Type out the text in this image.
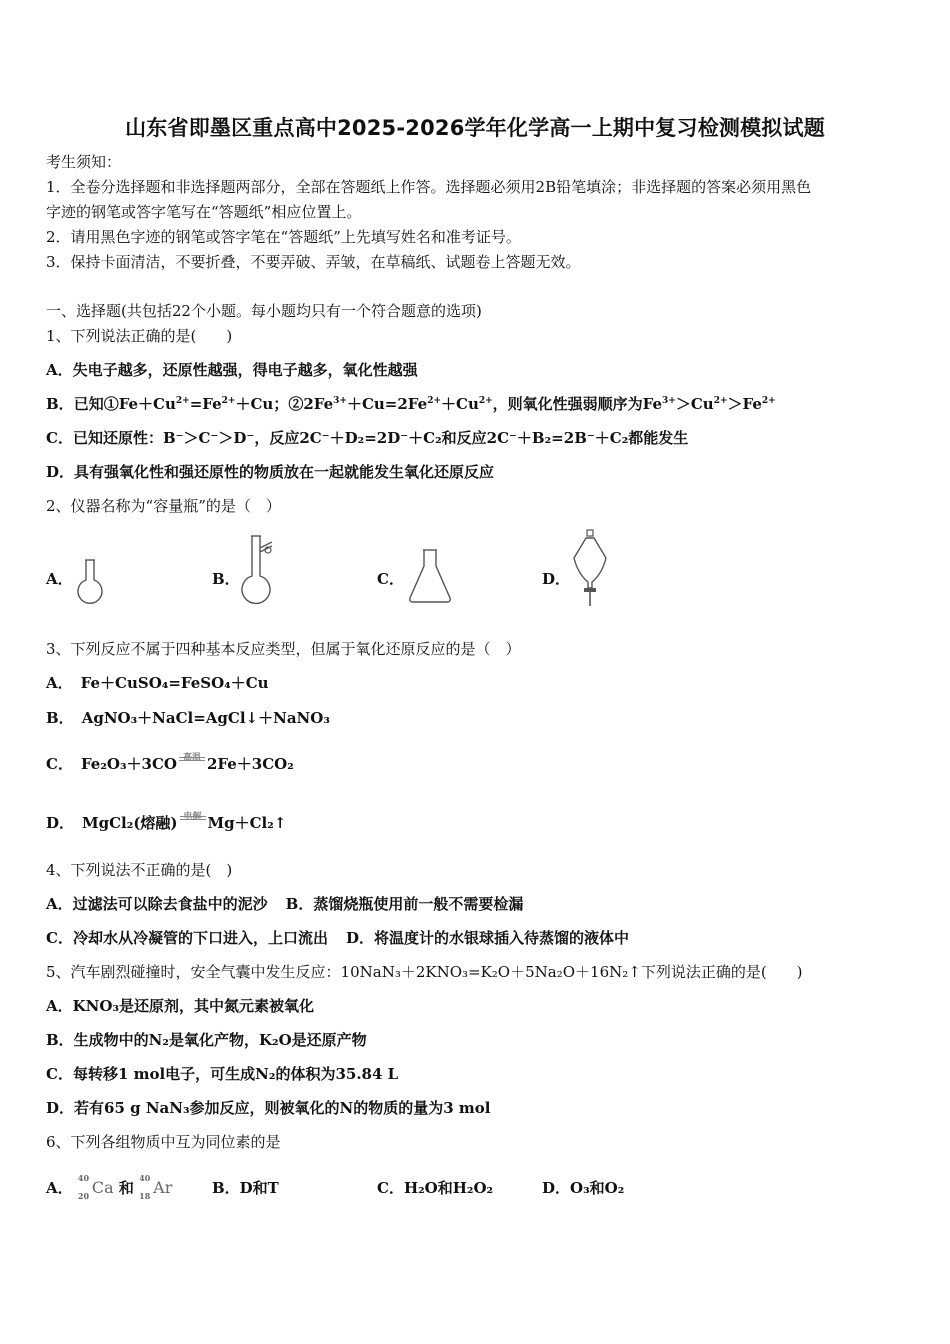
山东省即墨区重点高中2025-2026学年化学高一上期中复习检测模拟试题
考生须知：
1．全卷分选择题和非选择题两部分，全部在答题纸上作答。选择题必须用2B铅笔填涂；非选择题的答案必须用黑色
字迹的钢笔或答字笔写在“答题纸”相应位置上。
2．请用黑色字迹的钢笔或答字笔在“答题纸”上先填写姓名和准考证号。
3．保持卡面清洁，不要折叠，不要弄破、弄皱，在草稿纸、试题卷上答题无效。
一、选择题(共包括22个小题。每小题均只有一个符合题意的选项)
1、下列说法正确的是(　　)
A．失电子越多，还原性越强，得电子越多，氧化性越强
B．已知$①Fe+Cu^{2+}=Fe^{2+}+Cu$；$②2Fe^{3+}+Cu=2Fe^{2+}+Cu^{2+}$，则氧化性强弱顺序为$Fe^{3+}>Cu^{2+}>Fe^{2+}$
C．已知还原性：B⁻＞C⁻＞D⁻，反应2C⁻＋D₂=2D⁻＋C₂和反应2C⁻＋B₂=2B⁻＋C₂都能发生
D．具有强氧化性和强还原性的物质放在一起就能发生氧化还原反应
2、仪器名称为“容量瓶”的是（　）
A．	B．	C．	D．
3、下列反应不属于四种基本反应类型，但属于氧化还原反应的是（　）
A． Fe＋CuSO₄=FeSO₄＋Cu
B． AgNO₃＋NaCl=AgCl↓＋NaNO₃
C． Fe₂O₃＋3CO 高温 2Fe＋3CO₂
D． MgCl₂(熔融) 电解 Mg＋Cl₂↑
4、下列说法不正确的是(　)
A．过滤法可以除去食盐中的泥沙 B．蒸馏烧瓶使用前一般不需要检漏
C．冷却水从冷凝管的下口进入，上口流出 D．将温度计的水银球插入待蒸馏的液体中
5、汽车剧烈碰撞时，安全气囊中发生反应：10NaN₃＋2KNO₃=K₂O＋5Na₂O＋16N₂↑下列说法正确的是(　　)
A．KNO₃是还原剂，其中氮元素被氧化
B．生成物中的N₂是氧化产物，K₂O是还原产物
C．每转移1 mol电子，可生成N₂的体积为35.84 L
D．若有65 g NaN₃参加反应，则被氧化的N的物质的量为3 mol
6、下列各组物质中互为同位素的是
A．
40
20 Ca 和
40
18 Ar	B．D和T	C．H₂O和H₂O₂	D．O₃和O₂
